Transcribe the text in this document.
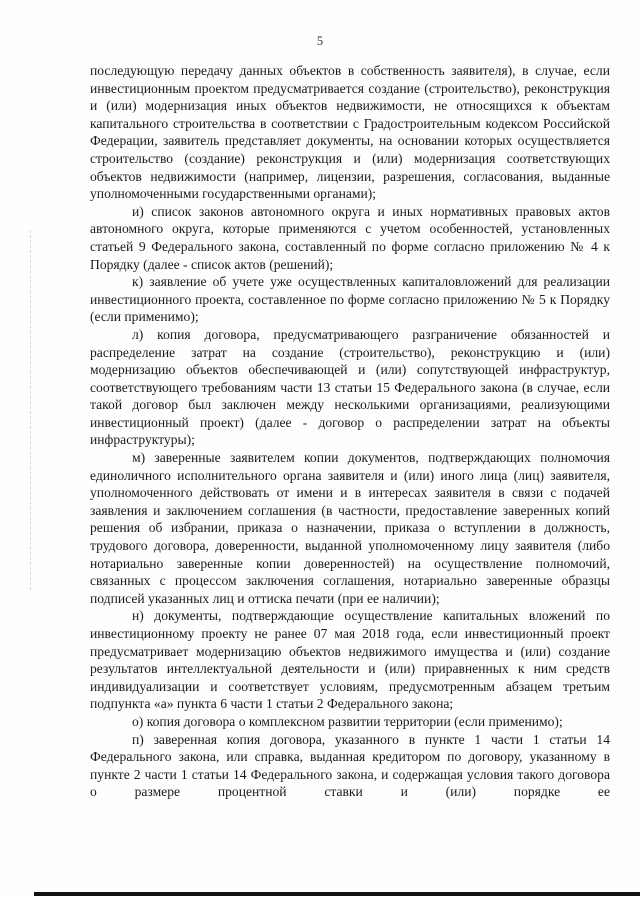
5

последующую передачу данных объектов в собственность заявителя), в случае, если инвестиционным проектом предусматривается создание (строительство), реконструкция и (или) модернизация иных объектов недвижимости, не относящихся к объектам капитального строительства в соответствии с Градостроительным кодексом Российской Федерации, заявитель представляет документы, на основании которых осуществляется строительство (создание) реконструкция и (или) модернизация соответствующих объектов недвижимости (например, лицензии, разрешения, согласования, выданные уполномоченными государственными органами);

и) список законов автономного округа и иных нормативных правовых актов автономного округа, которые применяются с учетом особенностей, установленных статьей 9 Федерального закона, составленный по форме согласно приложению № 4 к Порядку (далее - список актов (решений);

к) заявление об учете уже осуществленных капиталовложений для реализации инвестиционного проекта, составленное по форме согласно приложению № 5 к Порядку (если применимо);

л) копия договора, предусматривающего разграничение обязанностей и распределение затрат на создание (строительство), реконструкцию и (или) модернизацию объектов обеспечивающей и (или) сопутствующей инфраструктур, соответствующего требованиям части 13 статьи 15 Федерального закона (в случае, если такой договор был заключен между несколькими организациями, реализующими инвестиционный проект) (далее - договор о распределении затрат на объекты инфраструктуры);

м) заверенные заявителем копии документов, подтверждающих полномочия единоличного исполнительного органа заявителя и (или) иного лица (лиц) заявителя, уполномоченного действовать от имени и в интересах заявителя в связи с подачей заявления и заключением соглашения (в частности, предоставление заверенных копий решения об избрании, приказа о назначении, приказа о вступлении в должность, трудового договора, доверенности, выданной уполномоченному лицу заявителя (либо нотариально заверенные копии доверенностей) на осуществление полномочий, связанных с процессом заключения соглашения, нотариально заверенные образцы подписей указанных лиц и оттиска печати (при ее наличии);

н) документы, подтверждающие осуществление капитальных вложений по инвестиционному проекту не ранее 07 мая 2018 года, если инвестиционный проект предусматривает модернизацию объектов недвижимого имущества и (или) создание результатов интеллектуальной деятельности и (или) приравненных к ним средств индивидуализации и соответствует условиям, предусмотренным абзацем третьим подпункта «а» пункта 6 части 1 статьи 2 Федерального закона;

о) копия договора о комплексном развитии территории (если применимо);

п) заверенная копия договора, указанного в пункте 1 части 1 статьи 14 Федерального закона, или справка, выданная кредитором по договору, указанному в пункте 2 части 1 статьи 14 Федерального закона, и содержащая условия такого договора о размере процентной ставки и (или) порядке ее
